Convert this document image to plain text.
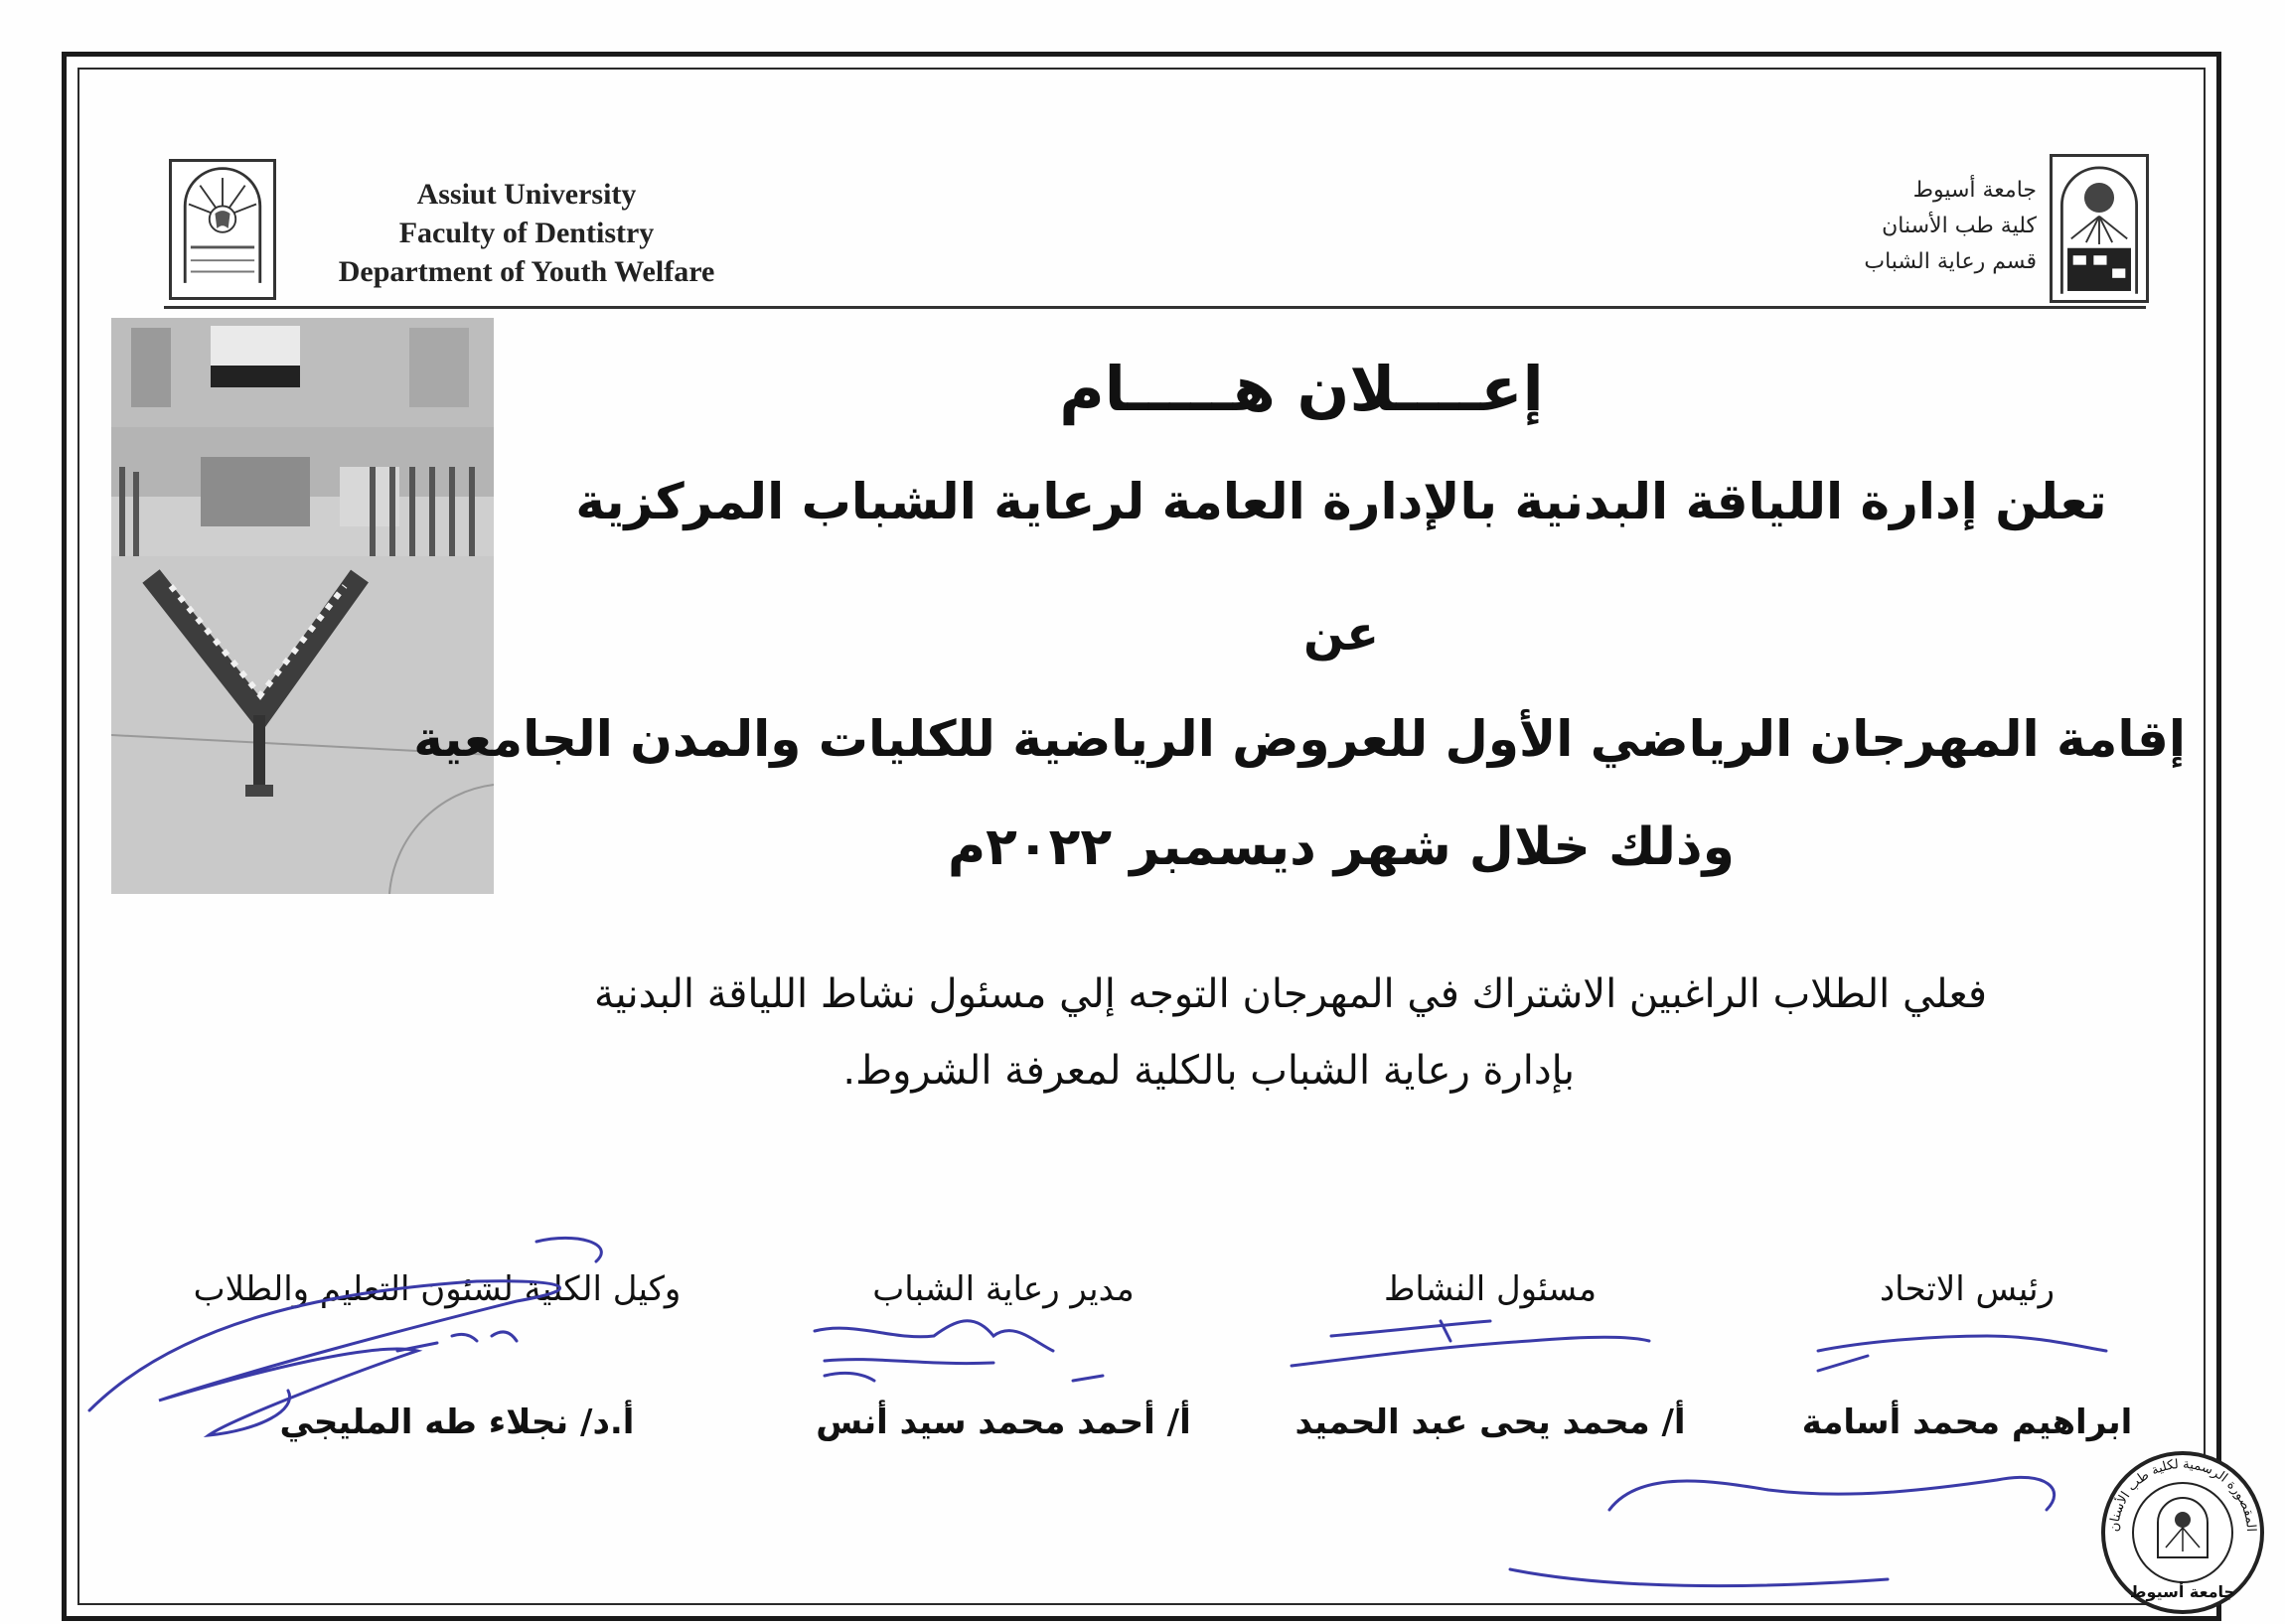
Assiut University
Faculty of Dentistry
Department of Youth Welfare
جامعة أسيوط
كلية طب الأسنان
قسم رعاية الشباب
إعــــلان هـــــام
تعلن إدارة اللياقة البدنية بالإدارة العامة لرعاية الشباب المركزية
عن
إقامة المهرجان الرياضي الأول للعروض الرياضية للكليات والمدن الجامعية
وذلك خلال شهر ديسمبر ٢٠٢٢م
فعلي الطلاب الراغبين الاشتراك في المهرجان التوجه إلي مسئول نشاط اللياقة البدنية
بإدارة رعاية الشباب بالكلية لمعرفة الشروط.
رئيس الاتحاد
مسئول النشاط
مدير رعاية الشباب
وكيل الكلية لشئون التعليم والطلاب
ابراهيم محمد أسامة
أ/ محمد يحى عبد الحميد
أ/ أحمد محمد سيد أنس
أ.د/ نجلاء طه المليجي
المقصورة الرسمية لكلية طب الأسنان
جامعة أسيوط
